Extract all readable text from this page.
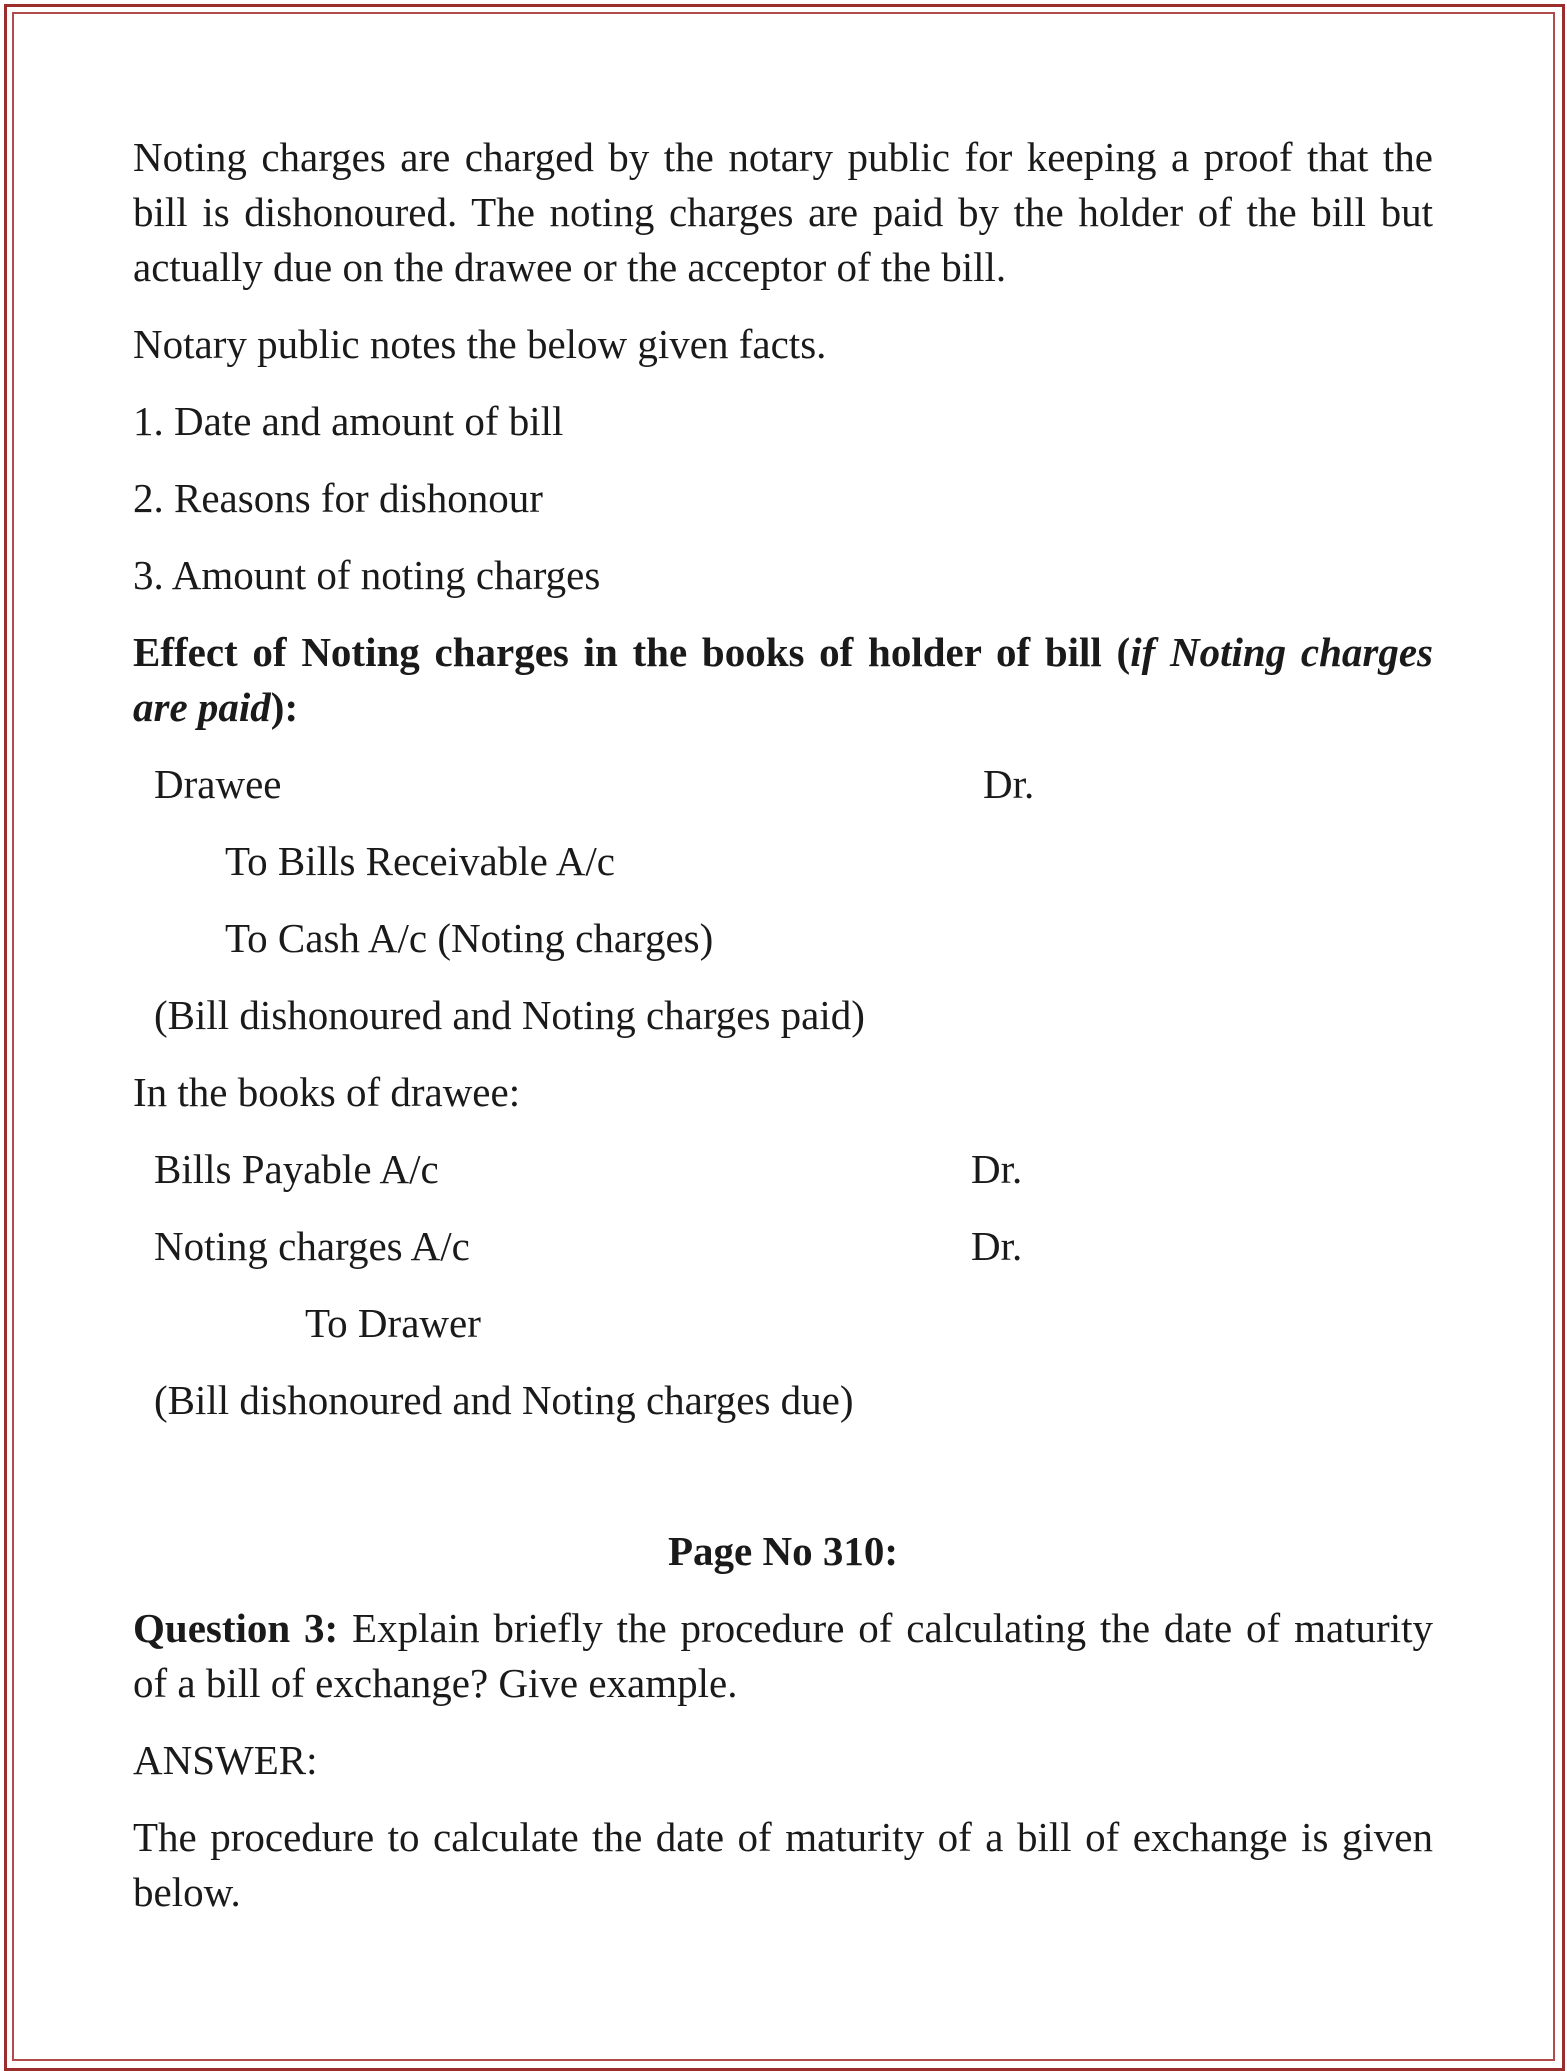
Noting charges are charged by the notary public for keeping a proof that the bill is dishonoured. The noting charges are paid by the holder of the bill but actually due on the drawee or the acceptor of the bill.

Notary public notes the below given facts.

1. Date and amount of bill
2. Reasons for dishonour
3. Amount of noting charges

Effect of Noting charges in the books of holder of bill (if Noting charges are paid):

Drawee	Dr.
To Bills Receivable A/c
To Cash A/c (Noting charges)
(Bill dishonoured and Noting charges paid)
In the books of drawee:
Bills Payable A/c	Dr.
Noting charges A/c	Dr.
To Drawer
(Bill dishonoured and Noting charges due)
Page No 310:

Question 3: Explain briefly the procedure of calculating the date of maturity of a bill of exchange? Give example.

ANSWER:

The procedure to calculate the date of maturity of a bill of exchange is given below.
